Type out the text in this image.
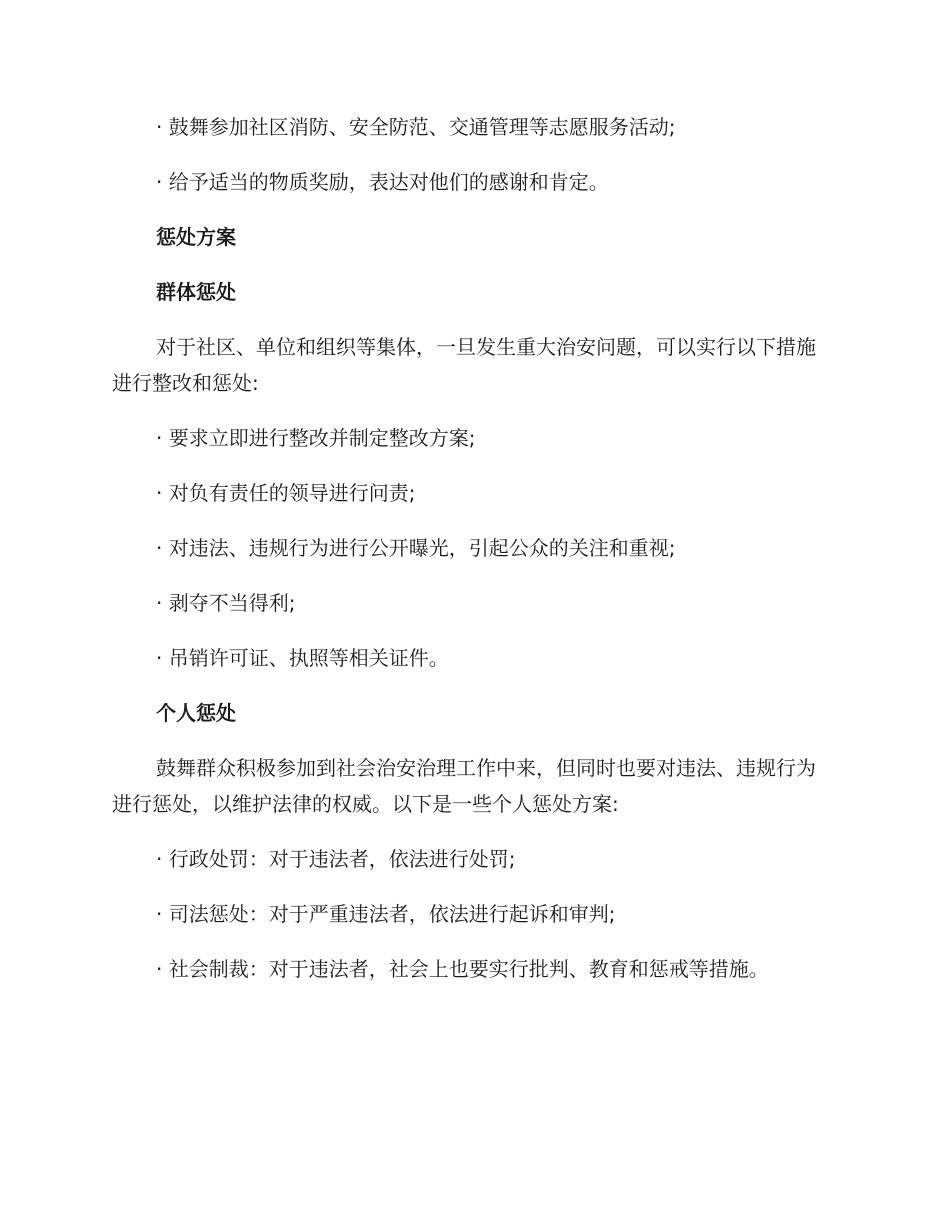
· 鼓舞参加社区消防、安全防范、交通管理等志愿服务活动;

· 给予适当的物质奖励，表达对他们的感谢和肯定。

惩处方案

群体惩处

对于社区、单位和组织等集体，一旦发生重大治安问题，可以实行以下措施进行整改和惩处:

· 要求立即进行整改并制定整改方案;

· 对负有责任的领导进行问责;

· 对违法、违规行为进行公开曝光，引起公众的关注和重视;

· 剥夺不当得利;

· 吊销许可证、执照等相关证件。

个人惩处

鼓舞群众积极参加到社会治安治理工作中来，但同时也要对违法、违规行为进行惩处，以维护法律的权威。以下是一些个人惩处方案:

· 行政处罚：对于违法者，依法进行处罚;

· 司法惩处：对于严重违法者，依法进行起诉和审判;

· 社会制裁：对于违法者，社会上也要实行批判、教育和惩戒等措施。
